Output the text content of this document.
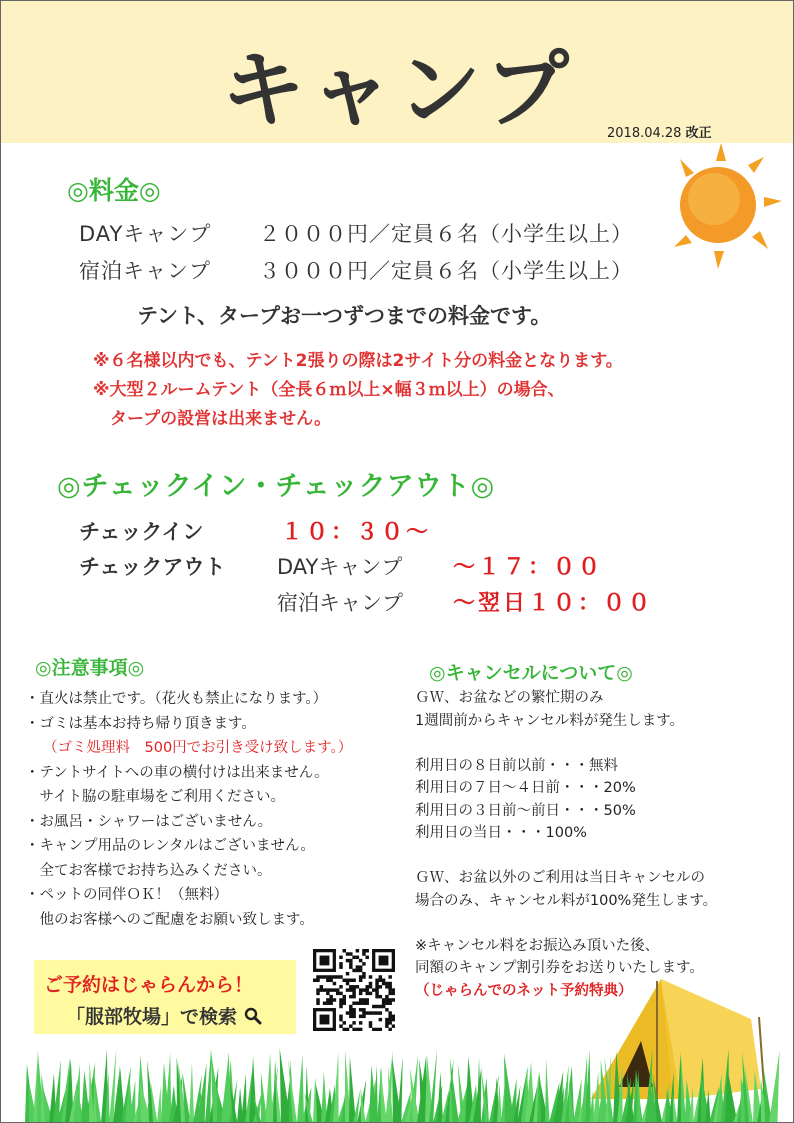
キャンプ	2018.04.28 改正
◎料金◎
DAYキャンプ ２０００円／定員６名（小学生以上）
宿泊キャンプ ３０００円／定員６名（小学生以上）
テント、タープお一つずつまでの料金です。
※６名様以内でも、テント2張りの際は2サイト分の料金となります。
※大型２ルームテント（全長６ｍ以上×幅３ｍ以上）の場合、
　タープの設営は出来ません。
◎チェックイン・チェックアウト◎
チェックイン	１０：３０～
チェックアウト DAYキャンプ ～１７：００
宿泊キャンプ ～翌日１０：００
◎注意事項◎
・直火は禁止です。（花火も禁止になります。）
・ゴミは基本お持ち帰り頂きます。
（ゴミ処理料　500円でお引き受け致します。）
・テントサイトへの車の横付けは出来ません。
　サイト脇の駐車場をご利用ください。
・お風呂・シャワーはございません。
・キャンプ用品のレンタルはございません。
　全てお客様でお持ち込みください。
・ペットの同伴ＯＫ！（無料）
　他のお客様へのご配慮をお願い致します。
◎キャンセルについて◎
ＧＷ、お盆などの繁忙期のみ
1週間前からキャンセル料が発生します。
利用日の８日前以前・・・無料
利用日の７日〜４日前・・・20%
利用日の３日前〜前日・・・50%
利用日の当日・・・100%
ＧＷ、お盆以外のご利用は当日キャンセルの
場合のみ、キャンセル料が100%発生します。
※キャンセル料をお振込み頂いた後、
同額のキャンプ割引券をお送りいたします。
（じゃらんでのネット予約特典）
ご予約はじゃらんから！
「服部牧場」で検索
